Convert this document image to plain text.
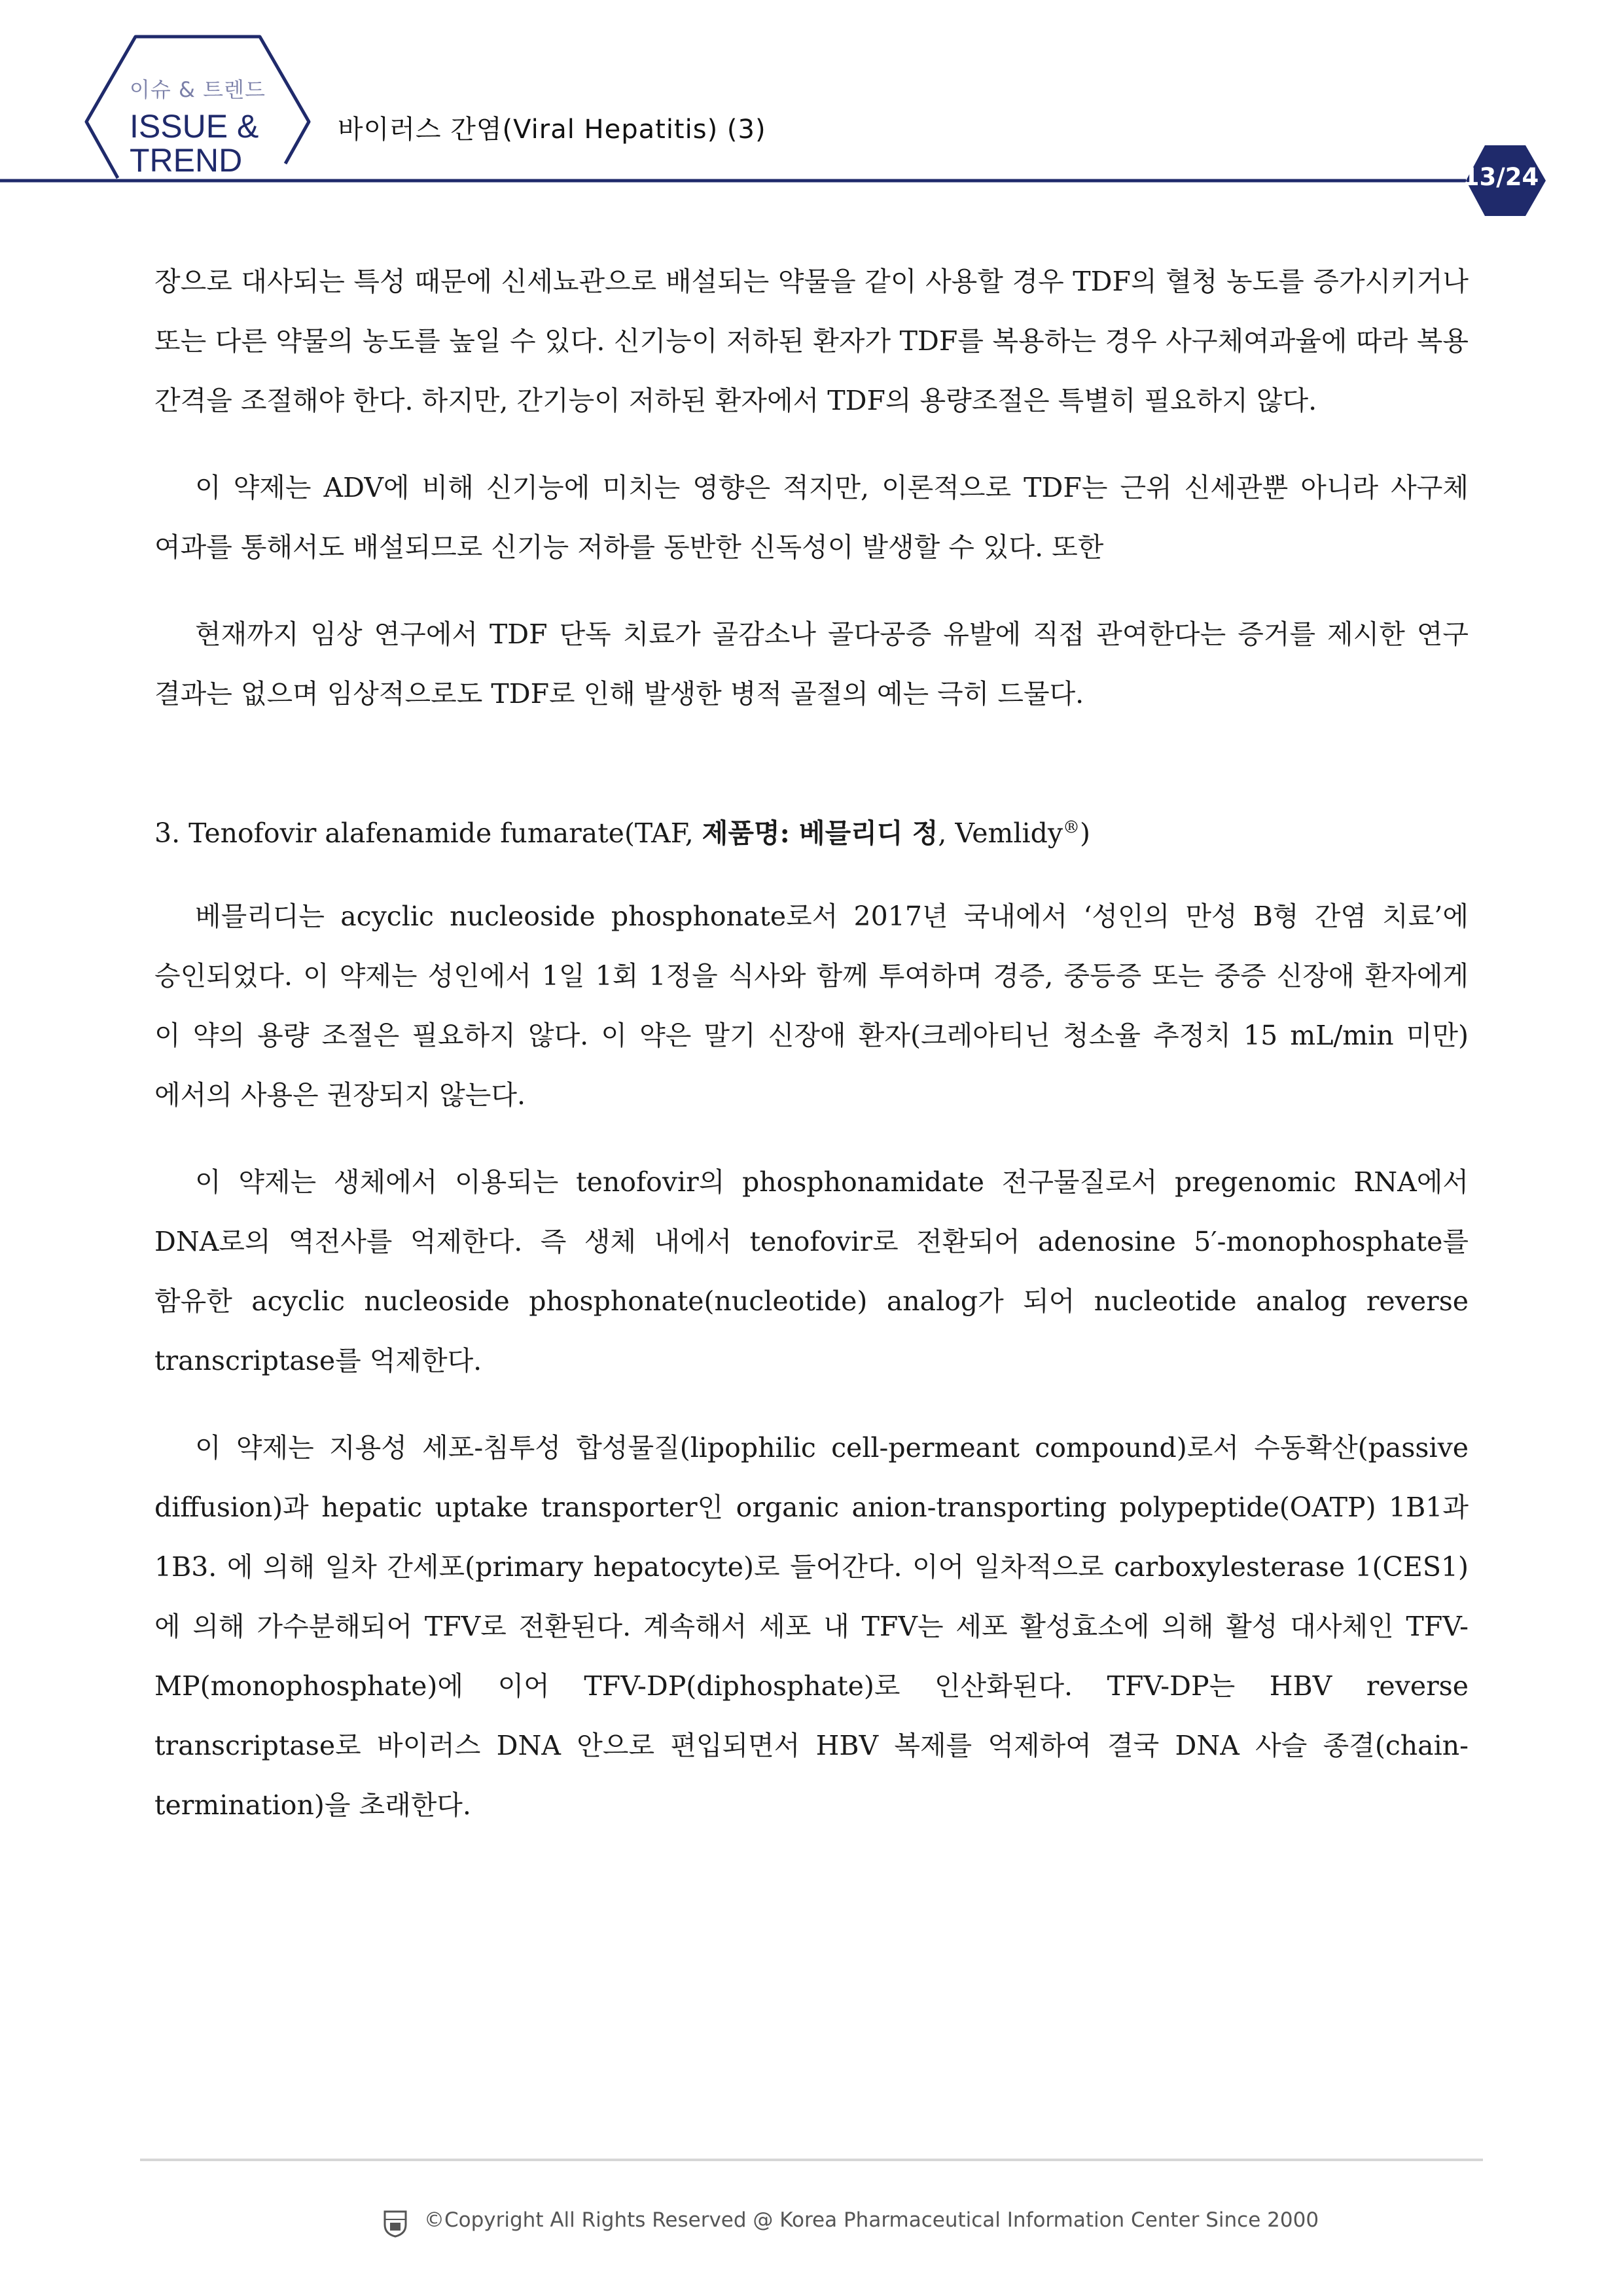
이슈 & 트렌드
ISSUE &
TREND
바이러스 간염(Viral Hepatitis) (3)
13/24

장으로 대사되는 특성 때문에 신세뇨관으로 배설되는 약물을 같이 사용할 경우 TDF의 혈청 농도를 증가시키거나 또는 다른 약물의 농도를 높일 수 있다. 신기능이 저하된 환자가 TDF를 복용하는 경우 사구체여과율에 따라 복용 간격을 조절해야 한다. 하지만, 간기능이 저하된 환자에서 TDF의 용량조절은 특별히 필요하지 않다.

이 약제는 ADV에 비해 신기능에 미치는 영향은 적지만, 이론적으로 TDF는 근위 신세관뿐 아니라 사구체 여과를 통해서도 배설되므로 신기능 저하를 동반한 신독성이 발생할 수 있다. 또한

현재까지 임상 연구에서 TDF 단독 치료가 골감소나 골다공증 유발에 직접 관여한다는 증거를 제시한 연구 결과는 없으며 임상적으로도 TDF로 인해 발생한 병적 골절의 예는 극히 드물다.

3. Tenofovir alafenamide fumarate(TAF, 제품명: 베믈리디 정, Vemlidy®)

베믈리디는 acyclic nucleoside phosphonate로서 2017년 국내에서 ‘성인의 만성 B형 간염 치료’에 승인되었다. 이 약제는 성인에서 1일 1회 1정을 식사와 함께 투여하며 경증, 중등증 또는 중증 신장애 환자에게 이 약의 용량 조절은 필요하지 않다. 이 약은 말기 신장애 환자(크레아티닌 청소율 추정치 15 mL/min 미만)에서의 사용은 권장되지 않는다.

이 약제는 생체에서 이용되는 tenofovir의 phosphonamidate 전구물질로서 pregenomic RNA에서 DNA로의 역전사를 억제한다. 즉 생체 내에서 tenofovir로 전환되어 adenosine 5′-monophosphate를 함유한 acyclic nucleoside phosphonate(nucleotide) analog가 되어 nucleotide analog reverse transcriptase를 억제한다.

이 약제는 지용성 세포-침투성 합성물질(lipophilic cell-permeant compound)로서 수동확산(passive diffusion)과 hepatic uptake transporter인 organic anion-transporting polypeptide(OATP) 1B1과 1B3. 에 의해 일차 간세포(primary hepatocyte)로 들어간다. 이어 일차적으로 carboxylesterase 1(CES1)에 의해 가수분해되어 TFV로 전환된다. 계속해서 세포 내 TFV는 세포 활성효소에 의해 활성 대사체인 TFV-MP(monophosphate)에 이어 TFV-DP(diphosphate)로 인산화된다. TFV-DP는 HBV reverse transcriptase로 바이러스 DNA 안으로 편입되면서 HBV 복제를 억제하여 결국 DNA 사슬 종결(chain-termination)을 초래한다.

©Copyright All Rights Reserved @ Korea Pharmaceutical Information Center Since 2000
